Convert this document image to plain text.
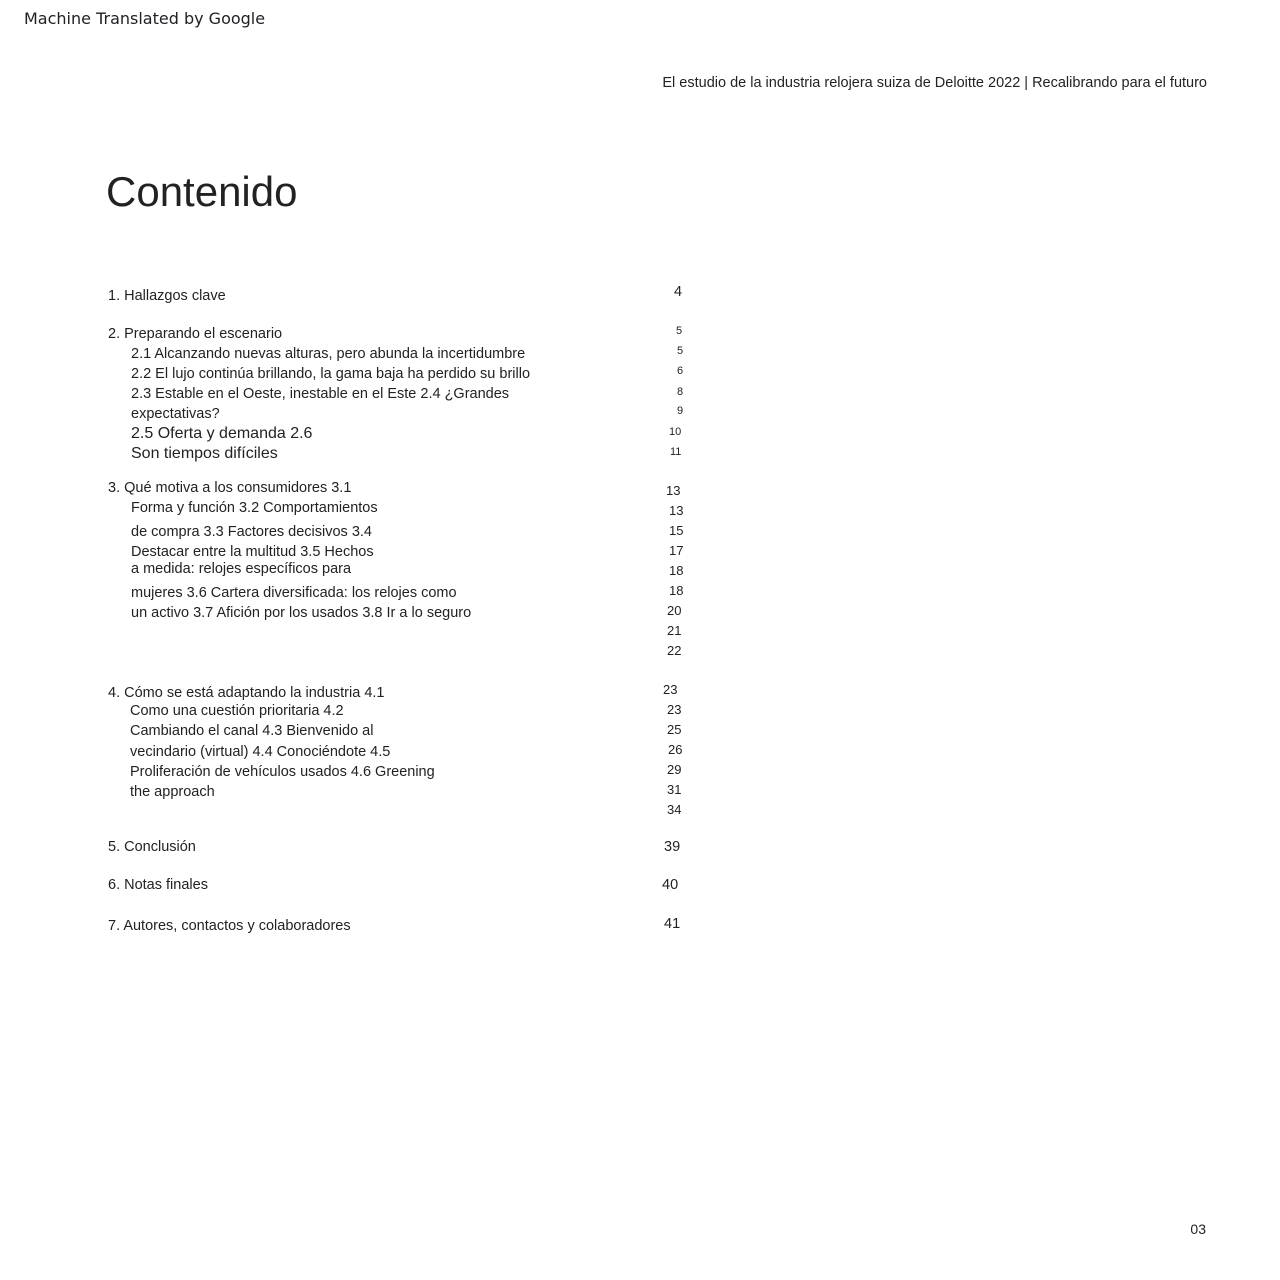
Machine Translated by Google
El estudio de la industria relojera suiza de Deloitte 2022 | Recalibrando para el futuro
Contenido
1. Hallazgos clave
2. Preparando el escenario
2.1 Alcanzando nuevas alturas, pero abunda la incertidumbre
2.2 El lujo continúa brillando, la gama baja ha perdido su brillo
2.3 Estable en el Oeste, inestable en el Este 2.4 ¿Grandes
expectativas?
2.5 Oferta y demanda 2.6
Son tiempos difíciles
3. Qué motiva a los consumidores 3.1
Forma y función 3.2 Comportamientos
de compra 3.3 Factores decisivos 3.4
Destacar entre la multitud 3.5 Hechos
a medida: relojes específicos para
mujeres 3.6 Cartera diversificada: los relojes como
un activo 3.7 Afición por los usados 3.8 Ir a lo seguro
4. Cómo se está adaptando la industria 4.1
Como una cuestión prioritaria 4.2
Cambiando el canal 4.3 Bienvenido al
vecindario (virtual) 4.4 Conociéndote 4.5
Proliferación de vehículos usados 4.6 Greening
the approach
5. Conclusión
6. Notas finales
7. Autores, contactos y colaboradores
4
5
5
6
8
9
10
11
13
13
15
17
18
18
20
21
22
23
23
25
26
29
31
34
39
40
41
03
